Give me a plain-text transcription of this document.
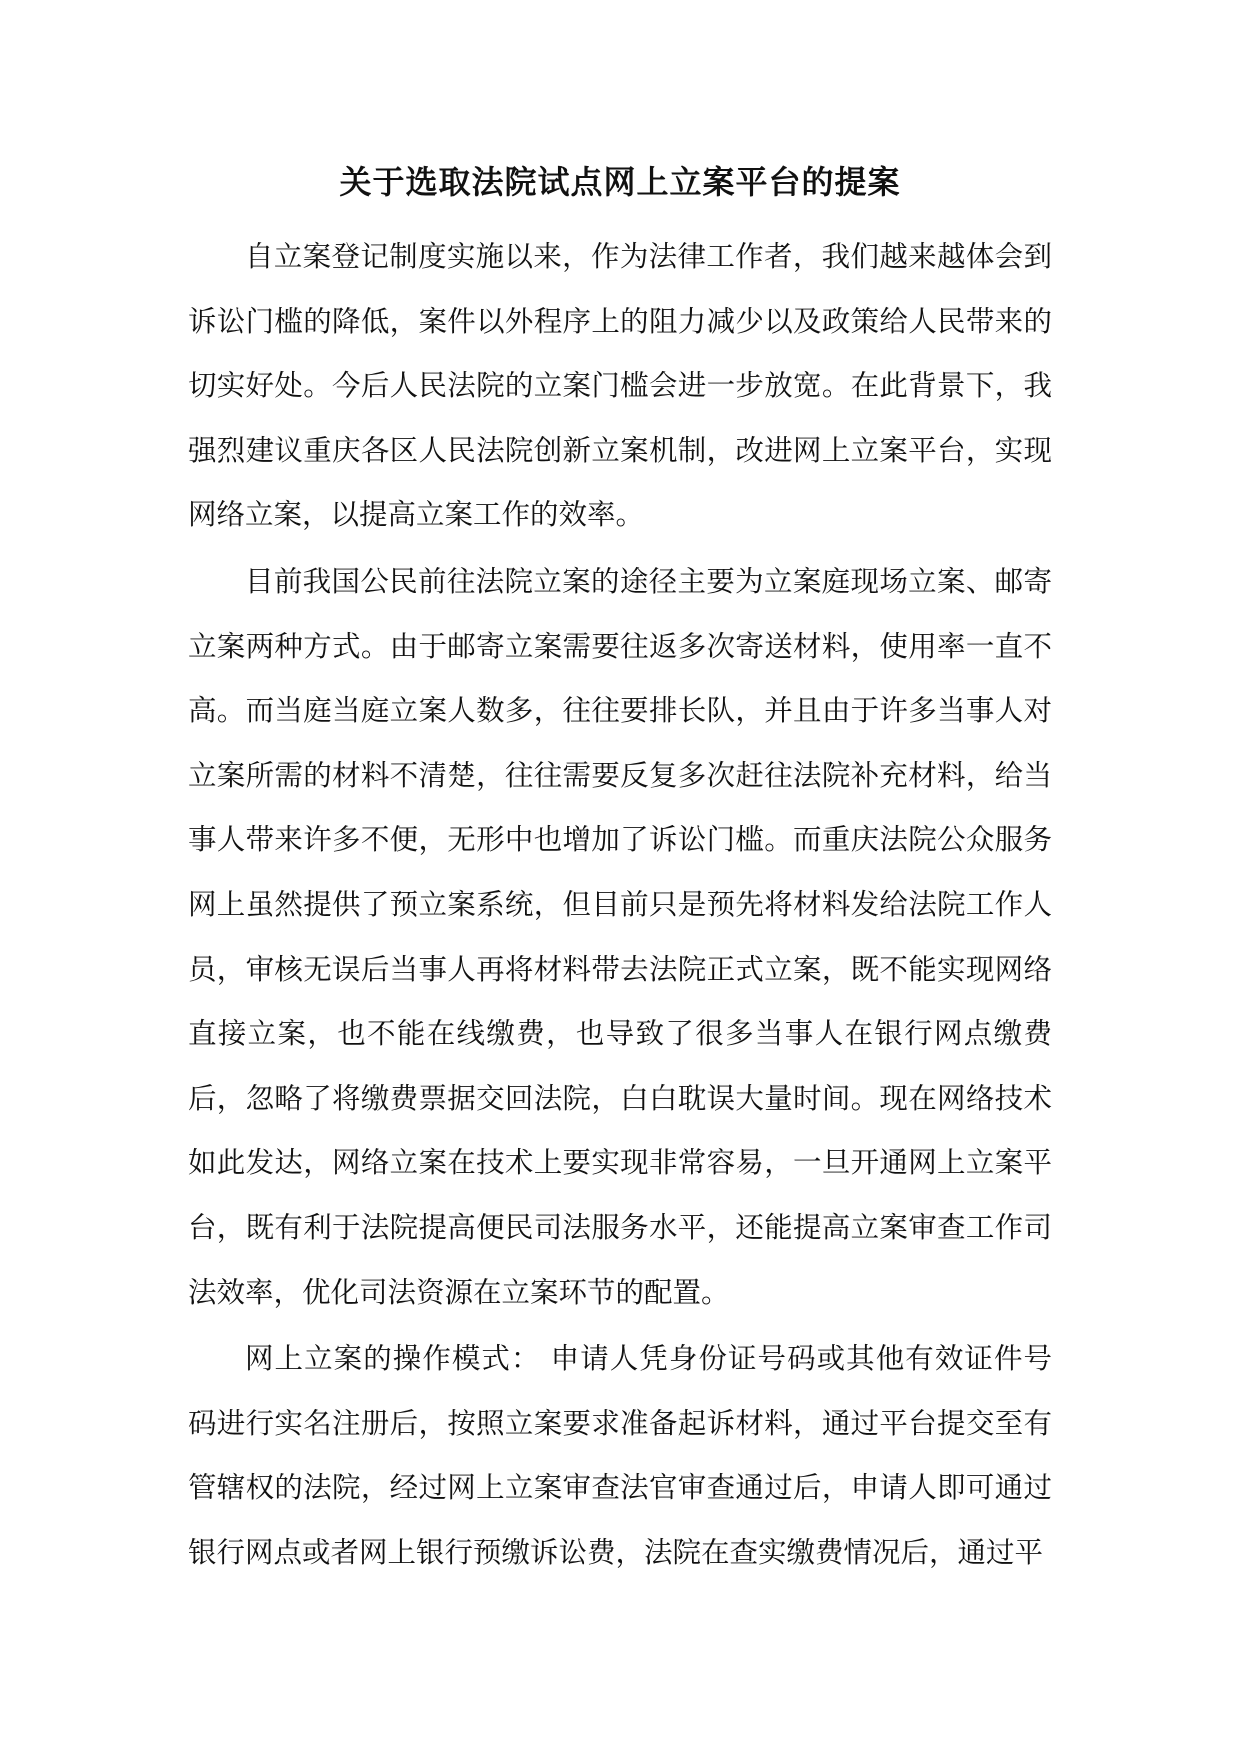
关于选取法院试点网上立案平台的提案

自立案登记制度实施以来，作为法律工作者，我们越来越体会到诉讼门槛的降低，案件以外程序上的阻力减少以及政策给人民带来的切实好处。今后人民法院的立案门槛会进一步放宽。在此背景下，我强烈建议重庆各区人民法院创新立案机制，改进网上立案平台，实现网络立案，以提高立案工作的效率。

目前我国公民前往法院立案的途径主要为立案庭现场立案、邮寄立案两种方式。由于邮寄立案需要往返多次寄送材料，使用率一直不高。而当庭当庭立案人数多，往往要排长队，并且由于许多当事人对立案所需的材料不清楚，往往需要反复多次赶往法院补充材料，给当事人带来许多不便，无形中也增加了诉讼门槛。而重庆法院公众服务网上虽然提供了预立案系统，但目前只是预先将材料发给法院工作人员，审核无误后当事人再将材料带去法院正式立案，既不能实现网络直接立案，也不能在线缴费，也导致了很多当事人在银行网点缴费后，忽略了将缴费票据交回法院，白白耽误大量时间。现在网络技术如此发达，网络立案在技术上要实现非常容易，一旦开通网上立案平台，既有利于法院提高便民司法服务水平，还能提高立案审查工作司法效率，优化司法资源在立案环节的配置。

网上立案的操作模式： 申请人凭身份证号码或其他有效证件号码进行实名注册后，按照立案要求准备起诉材料，通过平台提交至有管辖权的法院，经过网上立案审查法官审查通过后，申请人即可通过银行网点或者网上银行预缴诉讼费，法院在查实缴费情况后，通过平
